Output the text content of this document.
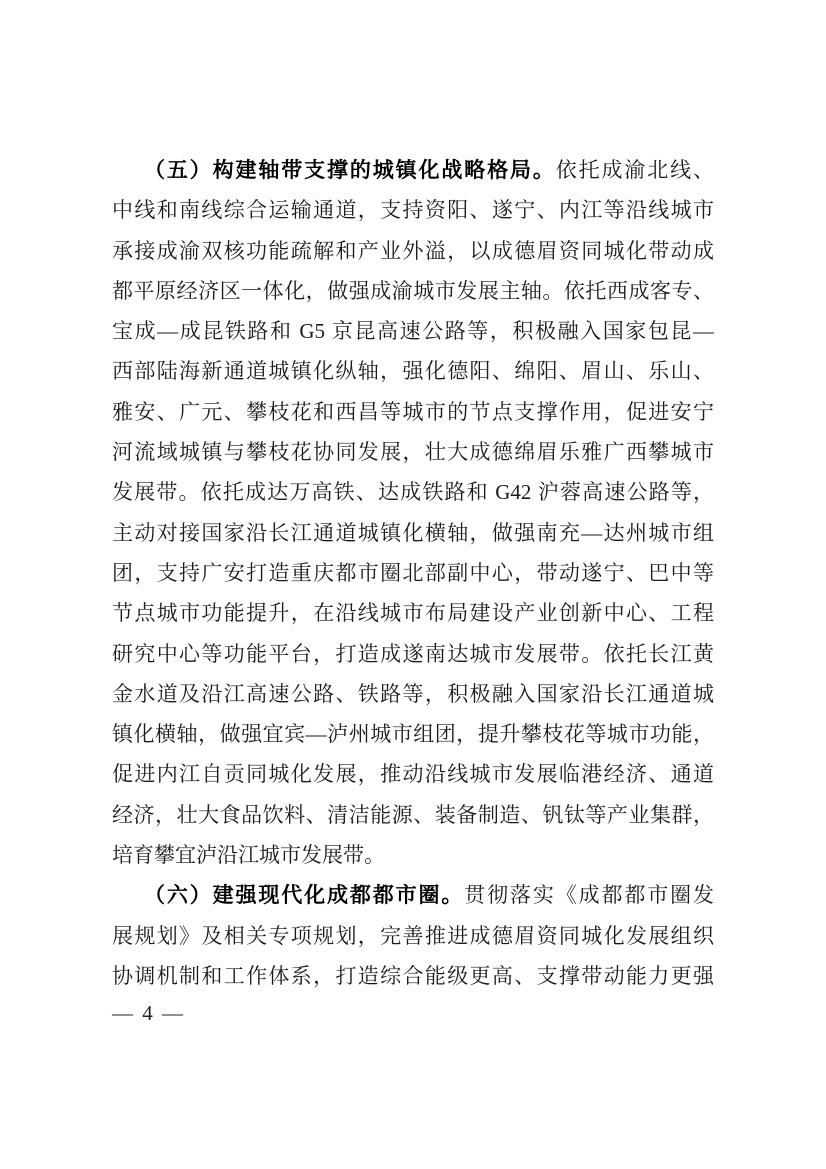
（五）构建轴带支撑的城镇化战略格局。依托成渝北线、
中线和南线综合运输通道，支持资阳、遂宁、内江等沿线城市
承接成渝双核功能疏解和产业外溢，以成德眉资同城化带动成
都平原经济区一体化，做强成渝城市发展主轴。依托西成客专、
宝成—成昆铁路和 G5 京昆高速公路等，积极融入国家包昆—
西部陆海新通道城镇化纵轴，强化德阳、绵阳、眉山、乐山、
雅安、广元、攀枝花和西昌等城市的节点支撑作用，促进安宁
河流域城镇与攀枝花协同发展，壮大成德绵眉乐雅广西攀城市
发展带。依托成达万高铁、达成铁路和 G42 沪蓉高速公路等，
主动对接国家沿长江通道城镇化横轴，做强南充—达州城市组
团，支持广安打造重庆都市圈北部副中心，带动遂宁、巴中等
节点城市功能提升，在沿线城市布局建设产业创新中心、工程
研究中心等功能平台，打造成遂南达城市发展带。依托长江黄
金水道及沿江高速公路、铁路等，积极融入国家沿长江通道城
镇化横轴，做强宜宾—泸州城市组团，提升攀枝花等城市功能，
促进内江自贡同城化发展，推动沿线城市发展临港经济、通道
经济，壮大食品饮料、清洁能源、装备制造、钒钛等产业集群，
培育攀宜泸沿江城市发展带。
（六）建强现代化成都都市圈。贯彻落实《成都都市圈发
展规划》及相关专项规划，完善推进成德眉资同城化发展组织
协调机制和工作体系，打造综合能级更高、支撑带动能力更强
— 4 —
